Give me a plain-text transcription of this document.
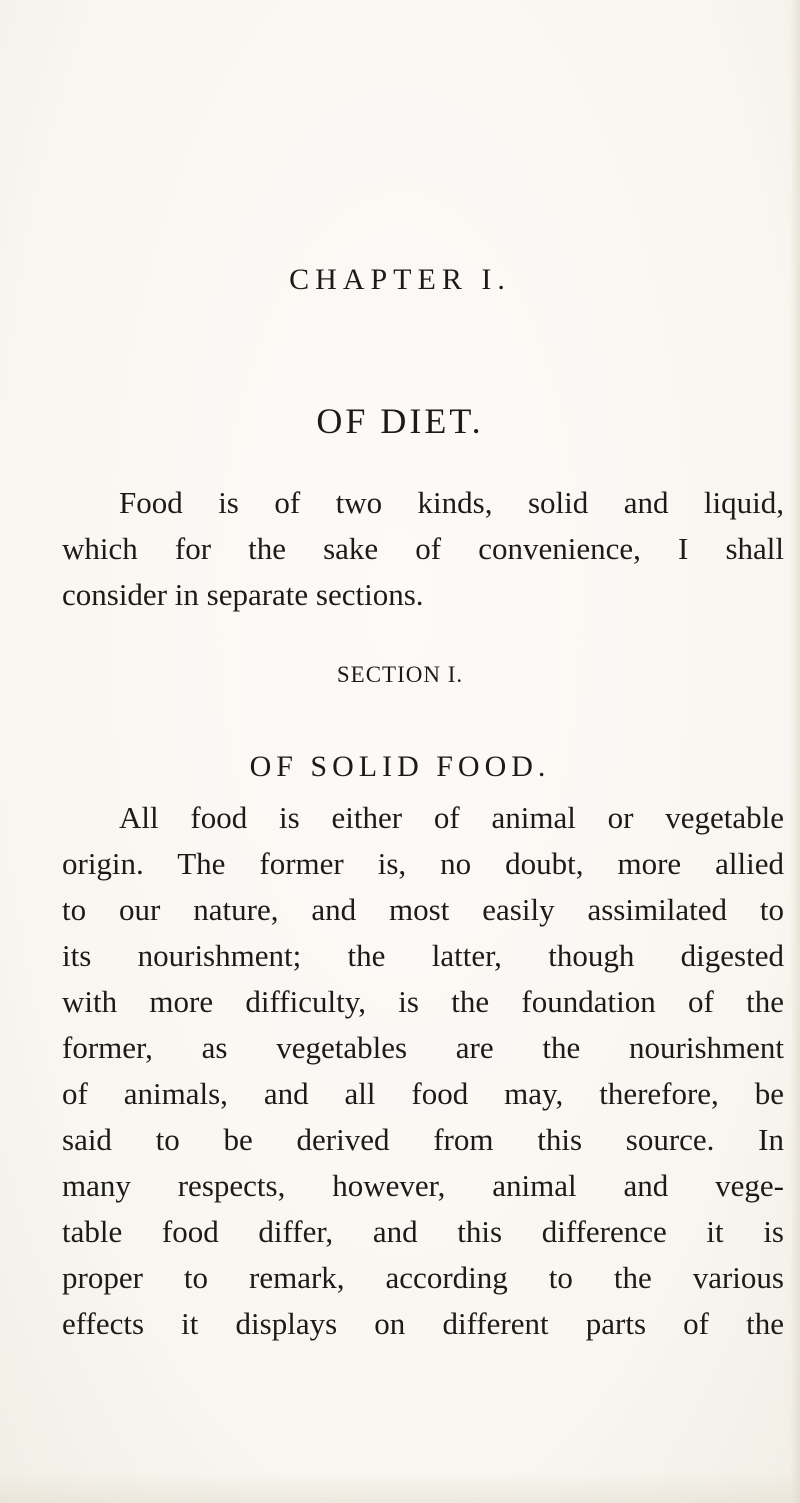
CHAPTER I.
OF DIET.
Food is of two kinds, solid and liquid,
which for the sake of convenience, I shall
consider in separate sections.
SECTION I.
OF SOLID FOOD.
All food is either of animal or vegetable
origin. The former is, no doubt, more allied
to our nature, and most easily assimilated to
its nourishment; the latter, though digested
with more difficulty, is the foundation of the
former, as vegetables are the nourishment
of animals, and all food may, therefore, be
said to be derived from this source. In
many respects, however, animal and vege-
table food differ, and this difference it is
proper to remark, according to the various
effects it displays on different parts of the
